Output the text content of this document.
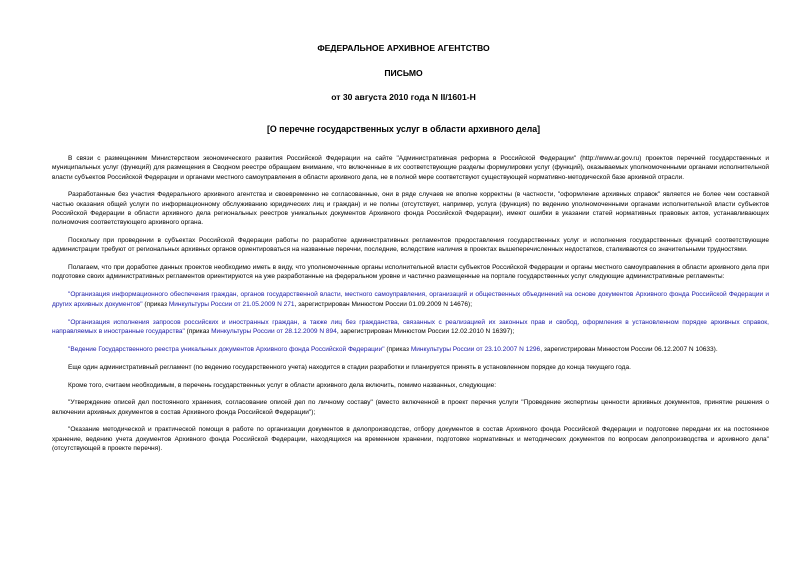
ФЕДЕРАЛЬНОЕ АРХИВНОЕ АГЕНТСТВО
ПИСЬМО
от 30 августа 2010 года N II/1601-Н
[О перечне государственных услуг в области архивного дела]

В связи с размещением Министерством экономического развития Российской Федерации на сайте "Административная реформа в Российской Федерации" (http://www.ar.gov.ru) проектов перечней государственных и муниципальных услуг (функций) для размещения в Сводном реестре обращаем внимание, что включенные в их соответствующие разделы формулировки услуг (функций), оказываемых уполномоченными органами исполнительной власти субъектов Российской Федерации и органами местного самоуправления в области архивного дела, не в полной мере соответствуют существующей нормативно-методической базе архивной отрасли.

Разработанные без участия Федерального архивного агентства и своевременно не согласованные, они в ряде случаев не вполне корректны (в частности, "оформление архивных справок" является не более чем составной частью оказания общей услуги по информационному обслуживанию юридических лиц и граждан) и не полны (отсутствует, например, услуга (функция) по ведению уполномоченными органами исполнительной власти субъектов Российской Федерации в области архивного дела региональных реестров уникальных документов Архивного фонда Российской Федерации), имеют ошибки в указании статей нормативных правовых актов, устанавливающих полномочия соответствующего архивного органа.

Поскольку при проведении в субъектах Российской Федерации работы по разработке административных регламентов предоставления государственных услуг и исполнения государственных функций соответствующие администрации требуют от региональных архивных органов ориентироваться на названные перечни, последние, вследствие наличия в проектах вышеперечисленных недостатков, сталкиваются со значительными трудностями.

Полагаем, что при доработке данных проектов необходимо иметь в виду, что уполномоченные органы исполнительной власти субъектов Российской Федерации и органы местного самоуправления в области архивного дела при подготовке своих административных регламентов ориентируются на уже разработанные на федеральном уровне и частично размещенные на портале государственных услуг следующие административные регламенты:

"Организация информационного обеспечения граждан, органов государственной власти, местного самоуправления, организаций и общественных объединений на основе документов Архивного фонда Российской Федерации и других архивных документов" (приказ Минкультуры России от 21.05.2009 N 271, зарегистрирован Минюстом России 01.09.2009 N 14676);

"Организация исполнения запросов российских и иностранных граждан, а также лиц без гражданства, связанных с реализацией их законных прав и свобод, оформления в установленном порядке архивных справок, направляемых в иностранные государства" (приказ Минкультуры России от 28.12.2009 N 894, зарегистрирован Минюстом России 12.02.2010 N 16397);

"Ведение Государственного реестра уникальных документов Архивного фонда Российской Федерации" (приказ Минкультуры России от 23.10.2007 N 1296, зарегистрирован Минюстом России 06.12.2007 N 10633).

Еще один административный регламент (по ведению государственного учета) находится в стадии разработки и планируется принять в установленном порядке до конца текущего года.

Кроме того, считаем необходимым, в перечень государственных услуг в области архивного дела включить, помимо названных, следующие:

"Утверждение описей дел постоянного хранения, согласование описей дел по личному составу" (вместо включенной в проект перечня услуги "Проведение экспертизы ценности архивных документов, принятие решения о включении архивных документов в состав Архивного фонда Российской Федерации");

"Оказание методической и практической помощи в работе по организации документов в делопроизводстве, отбору документов в состав Архивного фонда Российской Федерации и подготовке передачи их на постоянное хранение, ведению учета документов Архивного фонда Российской Федерации, находящихся на временном хранении, подготовке нормативных и методических документов по вопросам делопроизводства и архивного дела" (отсутствующей в проекте перечня).
